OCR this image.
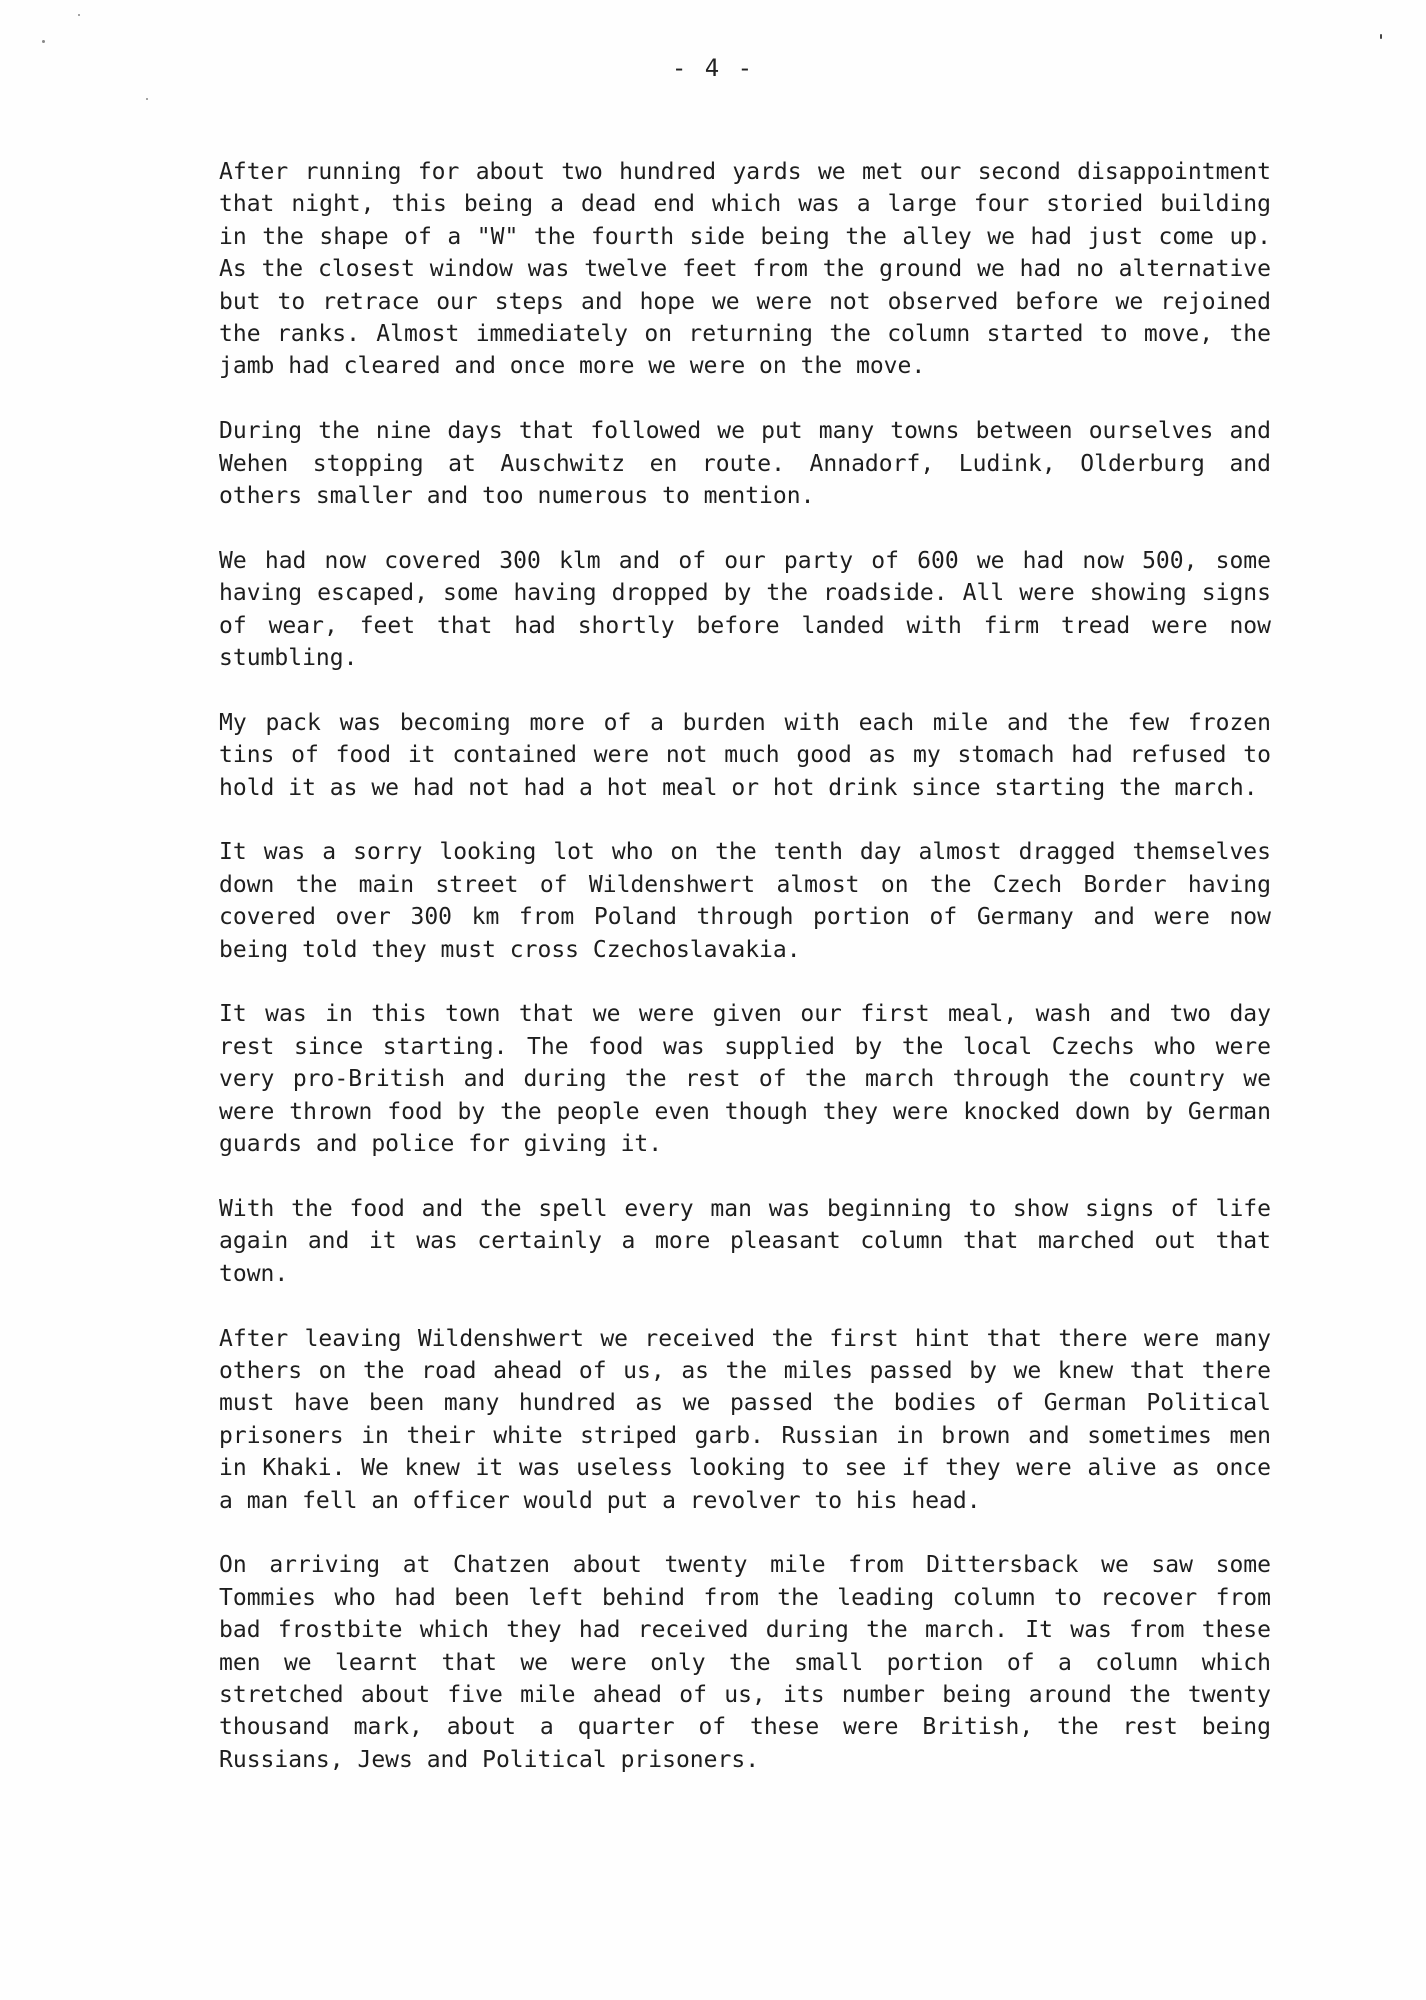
- 4 -

After running for about two hundred yards we met our second disappointment that night, this being a dead end which was a large four storied building in the shape of a "W" the fourth side being the alley we had just come up. As the closest window was twelve feet from the ground we had no alternative but to retrace our steps and hope we were not observed before we rejoined the ranks. Almost immediately on returning the column started to move, the jamb had cleared and once more we were on the move.

During the nine days that followed we put many towns between ourselves and Wehen stopping at Auschwitz en route. Annadorf, Ludink, Olderburg and others smaller and too numerous to mention.

We had now covered 300 klm and of our party of 600 we had now 500, some having escaped, some having dropped by the roadside. All were showing signs of wear, feet that had shortly before landed with firm tread were now stumbling.

My pack was becoming more of a burden with each mile and the few frozen tins of food it contained were not much good as my stomach had refused to hold it as we had not had a hot meal or hot drink since starting the march.

It was a sorry looking lot who on the tenth day almost dragged themselves down the main street of Wildenshwert almost on the Czech Border having covered over 300 km from Poland through portion of Germany and were now being told they must cross Czechoslavakia.

It was in this town that we were given our first meal, wash and two day rest since starting. The food was supplied by the local Czechs who were very pro-British and during the rest of the march through the country we were thrown food by the people even though they were knocked down by German guards and police for giving it.

With the food and the spell every man was beginning to show signs of life again and it was certainly a more pleasant column that marched out that town.

After leaving Wildenshwert we received the first hint that there were many others on the road ahead of us, as the miles passed by we knew that there must have been many hundred as we passed the bodies of German Political prisoners in their white striped garb. Russian in brown and sometimes men in Khaki. We knew it was useless looking to see if they were alive as once a man fell an officer would put a revolver to his head.

On arriving at Chatzen about twenty mile from Dittersback we saw some Tommies who had been left behind from the leading column to recover from bad frostbite which they had received during the march. It was from these men we learnt that we were only the small portion of a column which stretched about five mile ahead of us, its number being around the twenty thousand mark, about a quarter of these were British, the rest being Russians, Jews and Political prisoners.
